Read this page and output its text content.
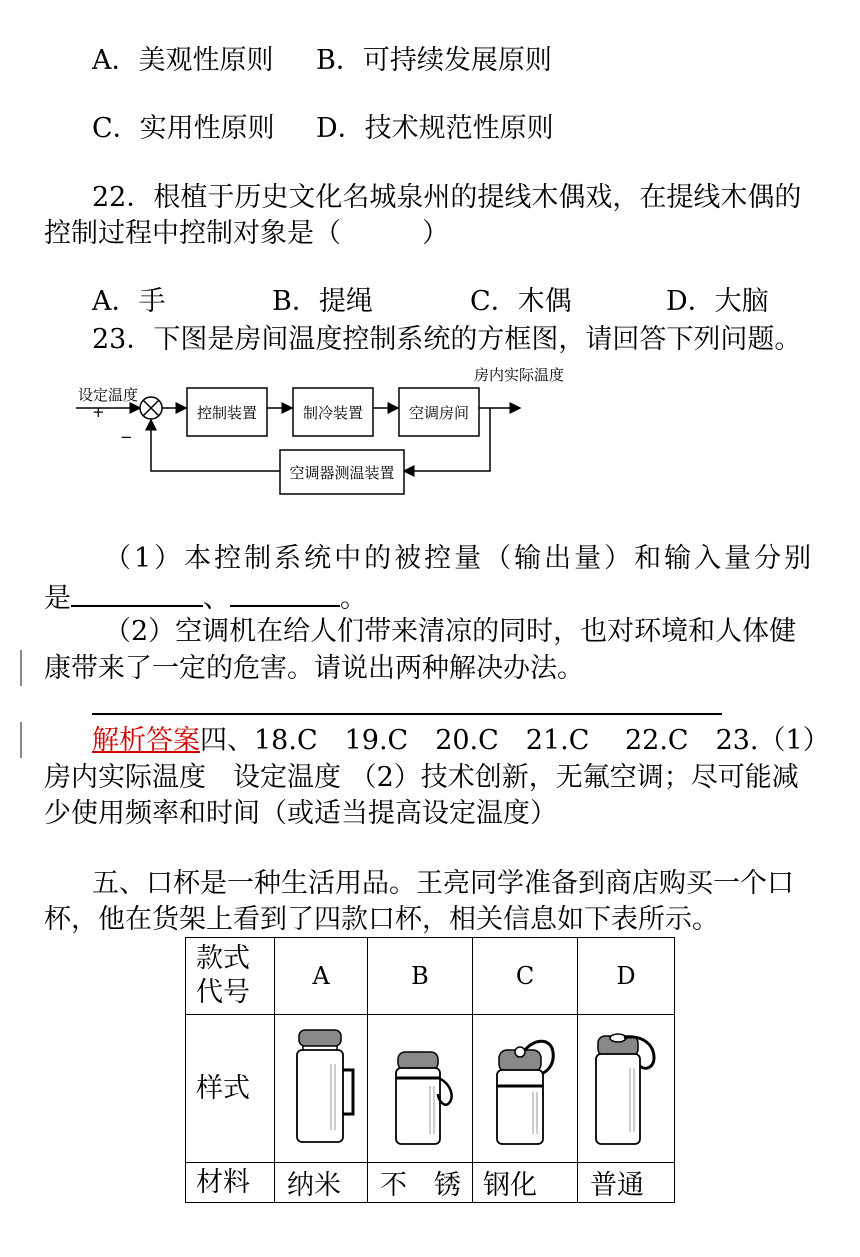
A．美观性原则 B．可持续发展原则
C．实用性原则 D．技术规范性原则
22．根植于历史文化名城泉州的提线木偶戏，在提线木偶的
控制过程中控制对象是（　　　）
A．手	B．提绳	C．木偶	D．大脑
23．下图是房间温度控制系统的方框图，请回答下列问题。
设定温度
+
−
控制装置	制冷装置	空调房间
房内实际温度
空调器测温装置
（1）本控制系统中的被控量（输出量）和输入量分别
是	、	。
（2）空调机在给人们带来清凉的同时，也对环境和人体健
康带来了一定的危害。请说出两种解决办法。
解析答案四、18.C　19.C　20.C　21.C　 22.C　23.（1）
房内实际温度　设定温度 （2）技术创新，无氟空调；尽可能减
少使用频率和时间（或适当提高设定温度）
五、口杯是一种生活用品。王亮同学准备到商店购买一个口
杯，他在货架上看到了四款口杯，相关信息如下表所示。
款式
代号	A	B	C	D
样式				
材料	纳米	不　锈	钢化	普通
